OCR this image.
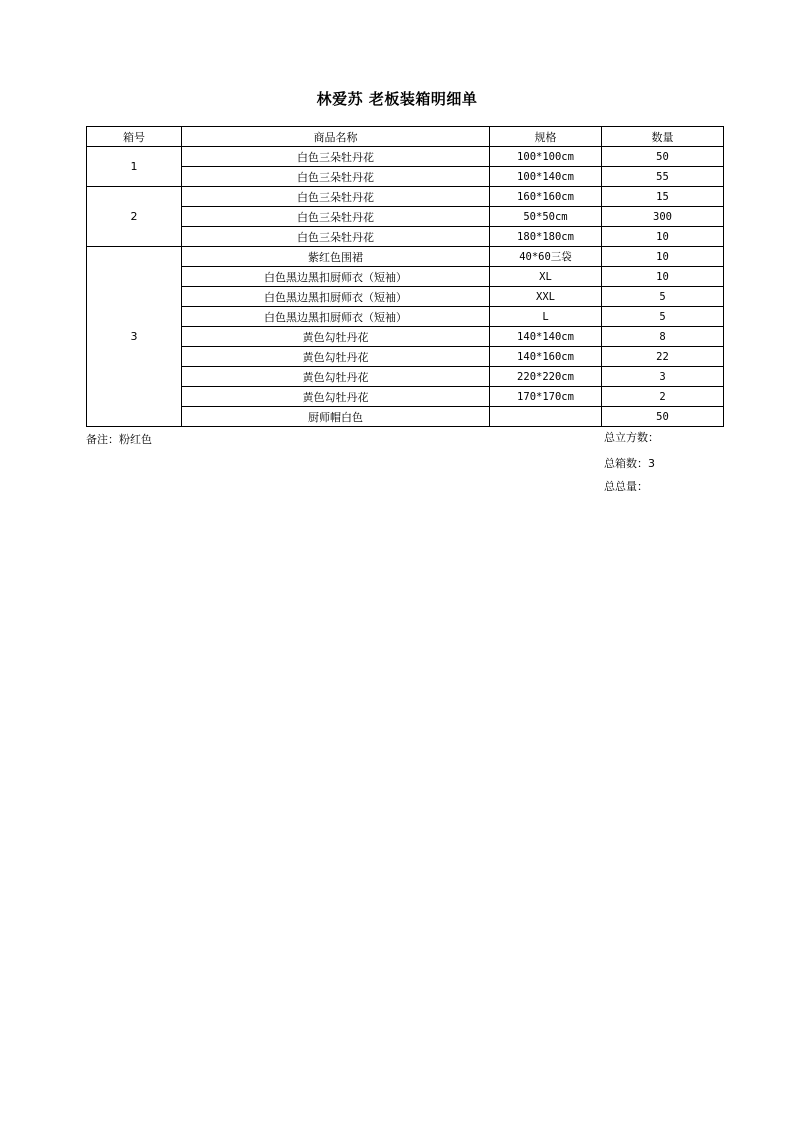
林爱苏 老板装箱明细单
箱号	商品名称	规格	数量
1	白色三朵牡丹花	100*100cm	50
	白色三朵牡丹花	100*140cm	55
2	白色三朵牡丹花	160*160cm	15
	白色三朵牡丹花	50*50cm	300
	白色三朵牡丹花	180*180cm	10
3	紫红色围裙	40*60三袋	10
	白色黑边黑扣厨师衣（短袖）	XL	10
	白色黑边黑扣厨师衣（短袖）	XXL	5
	白色黑边黑扣厨师衣（短袖）	L	5
	黄色勾牡丹花	140*140cm	8
	黄色勾牡丹花	140*160cm	22
	黄色勾牡丹花	220*220cm	3
	黄色勾牡丹花	170*170cm	2
	厨师帽白色		50
备注：粉红色	总立方数：
总箱数：3
总总量：
